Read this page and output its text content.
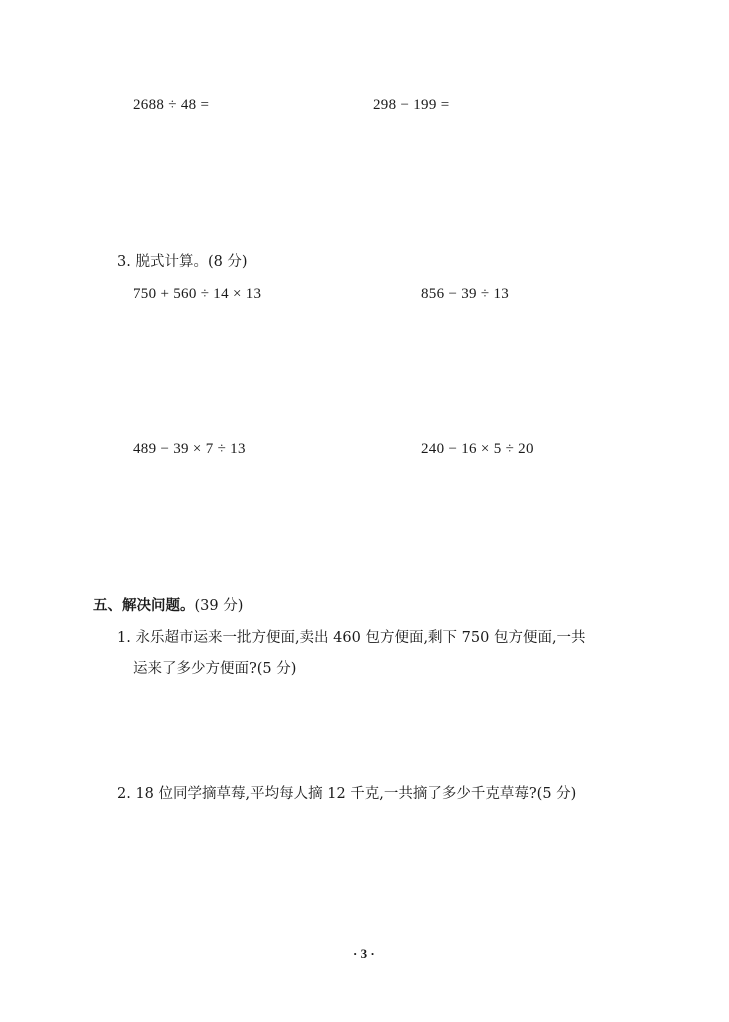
2688 ÷ 48 =	298 − 199 =
3. 脱式计算。(8 分)
750 + 560 ÷ 14 × 13	856 − 39 ÷ 13
489 − 39 × 7 ÷ 13	240 − 16 × 5 ÷ 20
五、解决问题。(39 分)
1. 永乐超市运来一批方便面,卖出 460 包方便面,剩下 750 包方便面,一共
运来了多少方便面?(5 分)
2. 18 位同学摘草莓,平均每人摘 12 千克,一共摘了多少千克草莓?(5 分)
· 3 ·
